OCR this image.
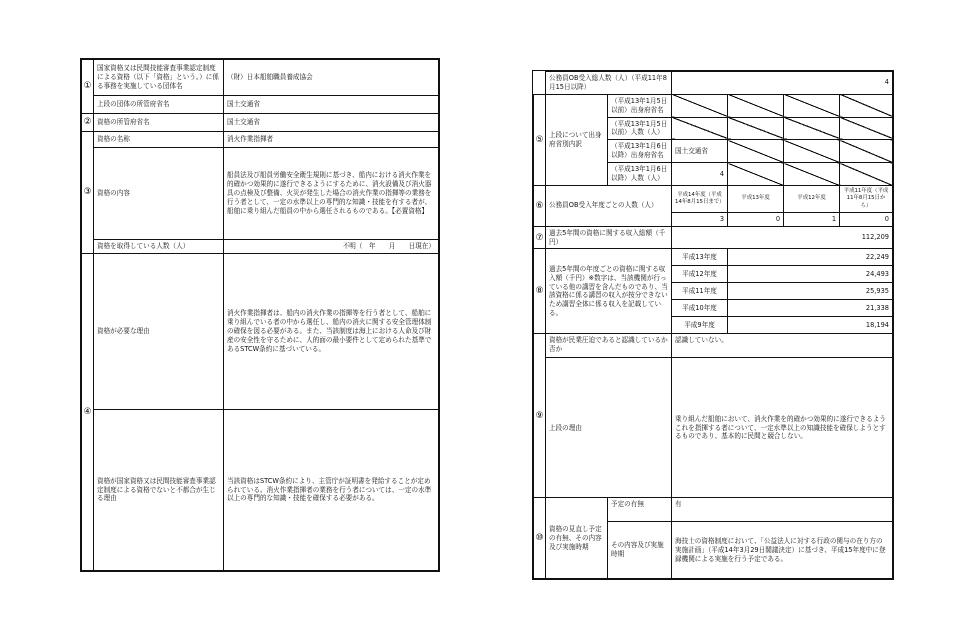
①	国家資格又は民間技能審査事業認定制度による資格（以下「資格」という。）に係る事務を実施している団体名	（財）日本船舶職員養成協会
	上段の団体の所管府省名	国土交通省
②	資格の所管府省名	国土交通省
③	資格の名称	消火作業指揮者
	資格の内容	船員法及び船員労働安全衛生規則に基づき、船内における消火作業を的確かつ効果的に遂行できるようにするために、消火設備及び消火器具の点検及び整備、火災が発生した場合の消火作業の指揮等の業務を行う者として、一定の水準以上の専門的な知識・技能を有する者が、船舶に乗り組んだ船員の中から選任されるものである。【必置資格】
	資格を取得している人数（人）	不明（　年　　月　　日現在）
④	資格が必要な理由	消火作業指揮者は、船内の消火作業の指揮等を行う者として、船舶に乗り組んでいる者の中から選任し、船内の消火に関する安全管理体制の確保を図る必要がある。また、当該制度は海上における人命及び財産の安全性を守るために、人的面の最小要件として定められた基準であるSTCW条約に基づいている。
	資格が国家資格又は民間技能審査事業認定制度による資格でないと不都合が生じる理由	当該資格はSTCW条約により、主管庁が証明書を発給することが定められている。消火作業指揮者の業務を行う者については、一定の水準以上の専門的な知識・技能を確保する必要がある。
	公務員OB受入総人数（人）（平成11年8月15日以降）		4			
⑤	上段について出身府省別内訳	（平成13年1月5日以前）出身府省名				
		（平成13年1月5日以前）人数（人）				
		（平成13年1月6日以降）出身府省名	国土交通省			
		（平成13年1月6日以降）人数（人）	4			
⑥	公務員OB受入年度ごとの人数（人）		平成14年度（平成14年8月15日まで）	平成13年度	平成12年度	平成11年度（平成11年8月15日から）
			3	0	1	0
⑦	過去5年間の資格に関する収入総額（千円）		112,209			
⑧	過去5年間の年度ごとの資格に関する収入額（千円）※数字は、当該機関が行っている他の講習を含んだものであり、当該資格に係る講習の収入が按分できないため講習全体に係る収入を記載している。		平成13年度	22,249		
			平成12年度	24,493		
			平成11年度	25,935		
			平成10年度	21,338		
			平成9年度	18,194		
⑨	資格が民業圧迫であると認識しているか否か		認識していない。			
	上段の理由		乗り組んだ船舶において、消火作業を的確かつ効果的に遂行できるようこれを指揮する者について、一定水準以上の知識技能を確保しようとするものであり、基本的に民間と競合しない。			
⑩	資格の見直し予定の有無、その内容及び実施時期	予定の有無	有			
		その内容及び実施時期	海技士の資格制度において、「公益法人に対する行政の関与の在り方の実施計画」（平成14年3月29日閣議決定）に基づき、平成15年度中に登録機関による実施を行う予定である。			
